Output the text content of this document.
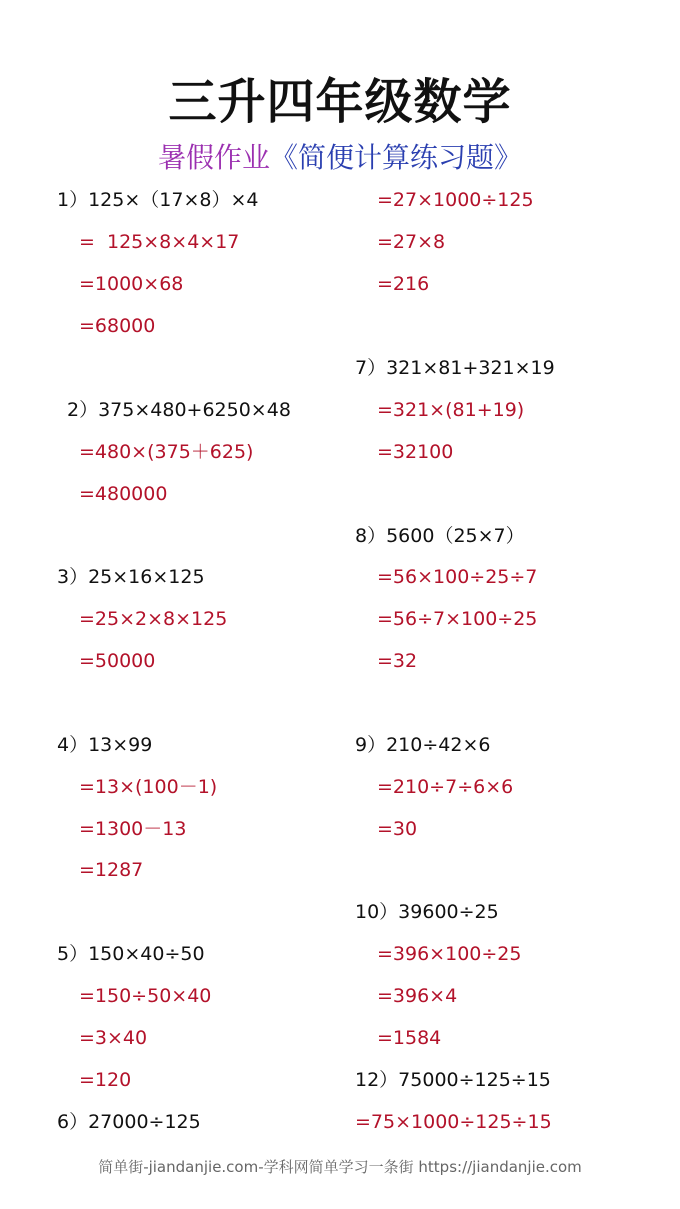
三升四年级数学
暑假作业《简便计算练习题》
1）125×（17×8）×4
=  125×8×4×17
=1000×68
=68000
2）375×480+6250×48
=480×(375＋625)
=480000
3）25×16×125
=25×2×8×125
=50000
4）13×99
=13×(100－1)
=1300－13
=1287
5）150×40÷50
=150÷50×40
=3×40
=120
6）27000÷125
=27×1000÷125
=27×8
=216
7）321×81+321×19
=321×(81+19)
=32100
8）5600（25×7）
=56×100÷25÷7
=56÷7×100÷25
=32
9）210÷42×6
=210÷7÷6×6
=30
10）39600÷25
=396×100÷25
=396×4
=1584
12）75000÷125÷15
=75×1000÷125÷15
简单街-jiandanjie.com-学科网简单学习一条街 https://jiandanjie.com
